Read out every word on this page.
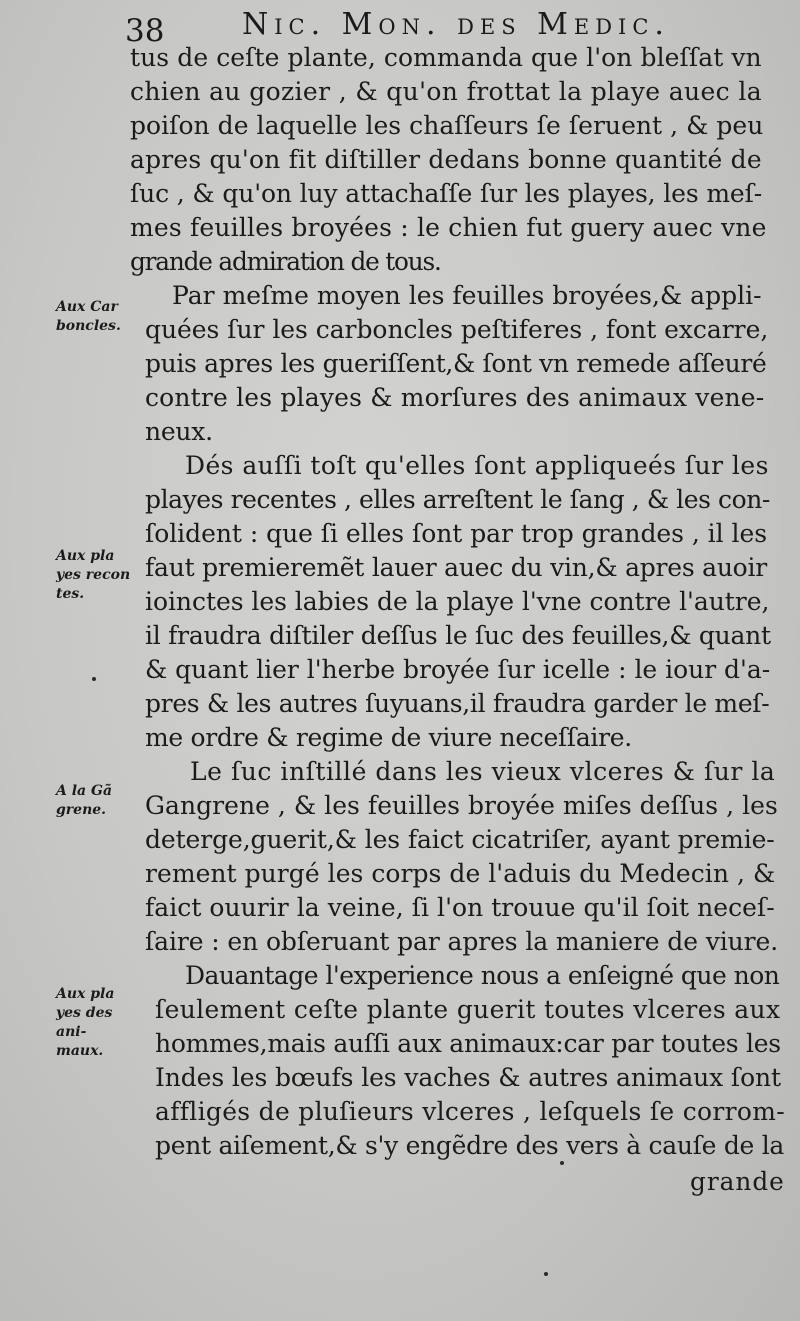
38	Nic. Mon. des Medic.
tus de ceſte plante, commanda que l'on bleſſat vn
chien au gozier , & qu'on frottat la playe auec la
poiſon de laquelle les chaſſeurs ſe ſeruent , & peu
apres qu'on fit diſtiller dedans bonne quantité de
ſuc , & qu'on luy attachaſſe ſur les playes, les meſ-
mes feuilles broyées : le chien fut guery auec vne
grande admiration de tous.
Par meſme moyen les feuilles broyées,& appli-
quées ſur les carboncles peſtiferes , font excarre,
puis apres les gueriſſent,& ſont vn remede aſſeuré
contre les playes & morſures des animaux vene-
neux.
Dés auſſi toſt qu'elles ſont appliqueés ſur les
playes recentes , elles arreſtent le ſang , & les con-
ſolident : que ſi elles ſont par trop grandes , il les
faut premieremẽt lauer auec du vin,& apres auoir
ioinctes les labies de la playe l'vne contre l'autre,
il fraudra diſtiler deſſus le ſuc des feuilles,& quant
& quant lier l'herbe broyée ſur icelle : le iour d'a-
pres & les autres ſuyuans,il fraudra garder le meſ-
me ordre & regime de viure neceſſaire.
Le ſuc inſtillé dans les vieux vlceres & ſur la
Gangrene , & les feuilles broyée miſes deſſus , les
deterge,guerit,& les faict cicatriſer, ayant premie-
rement purgé les corps de l'aduis du Medecin , &
faict ouurir la veine, ſi l'on trouue qu'il ſoit neceſ-
ſaire : en obſeruant par apres la maniere de viure.
Dauantage l'experience nous a enſeigné que non
ſeulement ceſte plante guerit toutes vlceres aux
hommes,mais auſſi aux animaux:car par toutes les
Indes les bœufs les vaches & autres animaux ſont
affligés de pluſieurs vlceres , leſquels ſe corrom-
pent aiſement,& s'y engẽdre des vers à cauſe de la
Aux Car
boncles.
Aux pla
yes recon
tes.
A la Gã
grene.
Aux pla
yes des
ani-
maux.
grande
